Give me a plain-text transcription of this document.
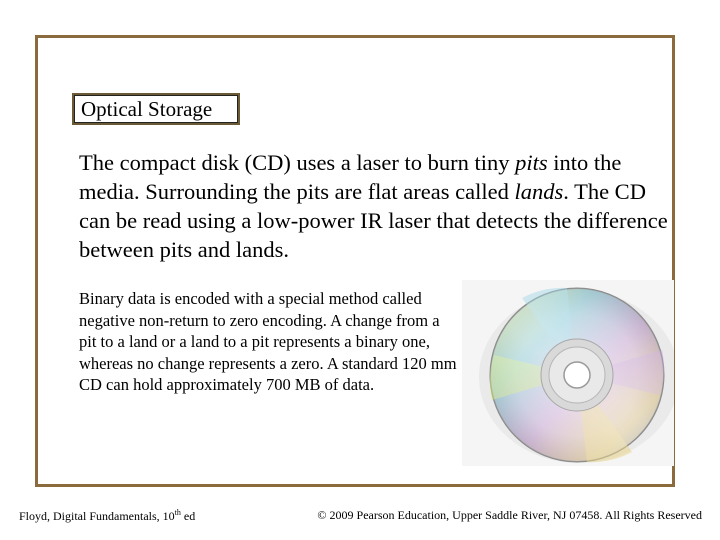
Optical Storage
The compact disk (CD) uses a laser to burn tiny pits into the media. Surrounding the pits are flat areas called lands. The CD can be read using a low-power IR laser that detects the difference between pits and lands.
Binary data is encoded with a special method called negative non-return to zero encoding. A change from a pit to a land or a land to a pit represents a binary one, whereas no change represents a zero. A standard 120 mm CD can hold approximately 700 MB of data.
Floyd, Digital Fundamentals, 10th ed	© 2009 Pearson Education, Upper Saddle River, NJ 07458. All Rights Reserved
